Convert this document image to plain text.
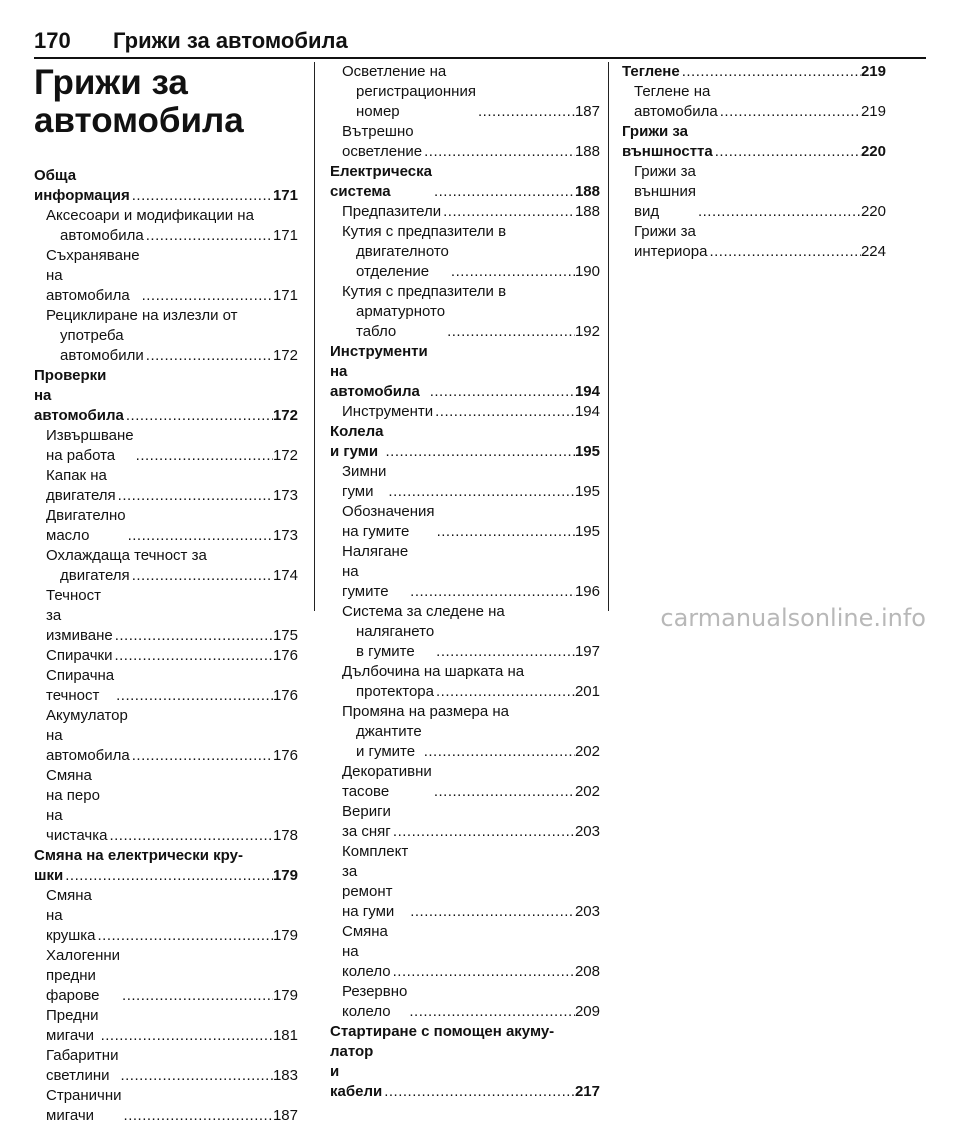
170 Грижи за автомобила
Грижи за
автомобила
Обща информация .....	171
Аксесоари и модификации на
автомобила .....	171
Съхраняване на автомобила .....	171
Рециклиране на излезли от
употреба автомобили .....	172
Проверки на автомобила .....	172
Извършване на работа .....	172
Капак на двигателя .....	173
Двигателно масло .....	173
Охлаждаща течност за
двигателя .....	174
Течност за измиване .....	175
Спирачки .....	176
Спирачна течност .....	176
Акумулатор на автомобила .....	176
Смяна на перо на чистачка .....	178
Смяна на електрически кру-
шки .....	179
Смяна на крушка .....	179
Халогенни предни фарове .....	179
Предни мигачи .....	181
Габаритни светлини .....	183
Странични мигачи .....	187
Осветление на
регистрационния номер .....	187
Вътрешно осветление .....	188
Електрическа система .....	188
Предпазители .....	188
Кутия с предпазители в
двигателното отделение .....	190
Кутия с предпазители в
арматурното табло .....	192
Инструменти на автомобила .....	194
Инструменти .....	194
Колела и гуми .....	195
Зимни гуми .....	195
Обозначения на гумите .....	195
Налягане на гумите .....	196
Система за следене на
налягането в гумите .....	197
Дълбочина на шарката на
протектора .....	201
Промяна на размера на
джантите и гумите .....	202
Декоративни тасове .....	202
Вериги за сняг .....	203
Комплект за ремонт на гуми .....	203
Смяна на колело .....	208
Резервно колело .....	209
Стартиране с помощен акуму-
латор и кабели .....	217
Теглене .....	219
Теглене на автомобила .....	219
Грижи за външността .....	220
Грижи за външния вид .....	220
Грижи за интериора .....	224
carmanualsonline.info
